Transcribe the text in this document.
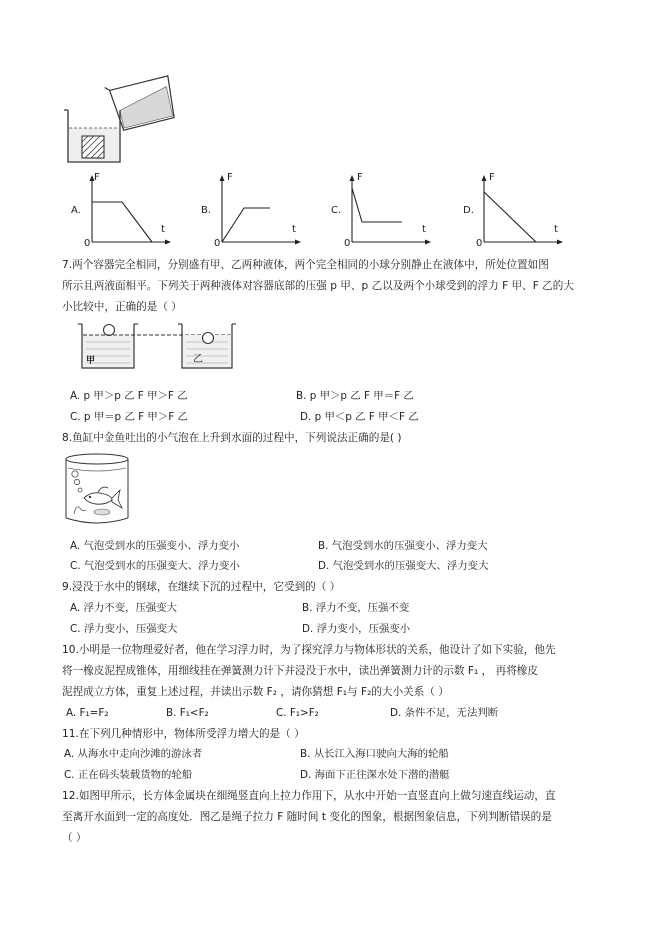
A.
F
t
0
B.
F
t
0
C.
F
t
0
D.
F
t
0
7.两个容器完全相同，分别盛有甲、乙两种液体，两个完全相同的小球分别静止在液体中，所处位置如图
所示且两液面相平。下列关于两种液体对容器底部的压强 p 甲、p 乙以及两个小球受到的浮力 F 甲、F 乙的大
小比较中，正确的是（ ）
甲	乙
A. p 甲＞p 乙 F 甲＞F 乙	B. p 甲＞p 乙 F 甲＝F 乙
C. p 甲＝p 乙 F 甲＞F 乙	D. p 甲＜p 乙 F 甲＜F 乙
8.鱼缸中金鱼吐出的小气泡在上升到水面的过程中，下列说法正确的是( )
A. 气泡受到水的压强变小、浮力变小	B. 气泡受到水的压强变小、浮力变大
C. 气泡受到水的压强变大、浮力变小	D. 气泡受到水的压强变大、浮力变大
9.浸没于水中的钢球，在继续下沉的过程中，它受到的（ ）
A. 浮力不变，压强变大	B. 浮力不变，压强不变
C. 浮力变小，压强变大	D. 浮力变小，压强变小
10.小明是一位物理爱好者，他在学习浮力时，为了探究浮力与物体形状的关系，他设计了如下实验，他先
将一橡皮泥捏成锥体，用细线挂在弹簧测力计下并浸没于水中，读出弹簧测力计的示数 F₁ ， 再将橡皮
泥捏成立方体，重复上述过程，并读出示数 F₂ ，请你猜想 F₁与 F₂的大小关系（ ）
A. F₁=F₂	B. F₁<F₂	C. F₁>F₂	D. 条件不足，无法判断
11.在下列几种情形中，物体所受浮力增大的是（ ）
A. 从海水中走向沙滩的游泳者	B. 从长江入海口驶向大海的轮船
C. 正在码头装载货物的轮船	D. 海面下正往深水处下潜的潜艇
12.如图甲所示，长方体金属块在细绳竖直向上拉力作用下，从水中开始一直竖直向上做匀速直线运动，直
至离开水面到一定的高度处．图乙是绳子拉力 F 随时间 t 变化的图象，根据图象信息，下列判断错误的是
（ ）
